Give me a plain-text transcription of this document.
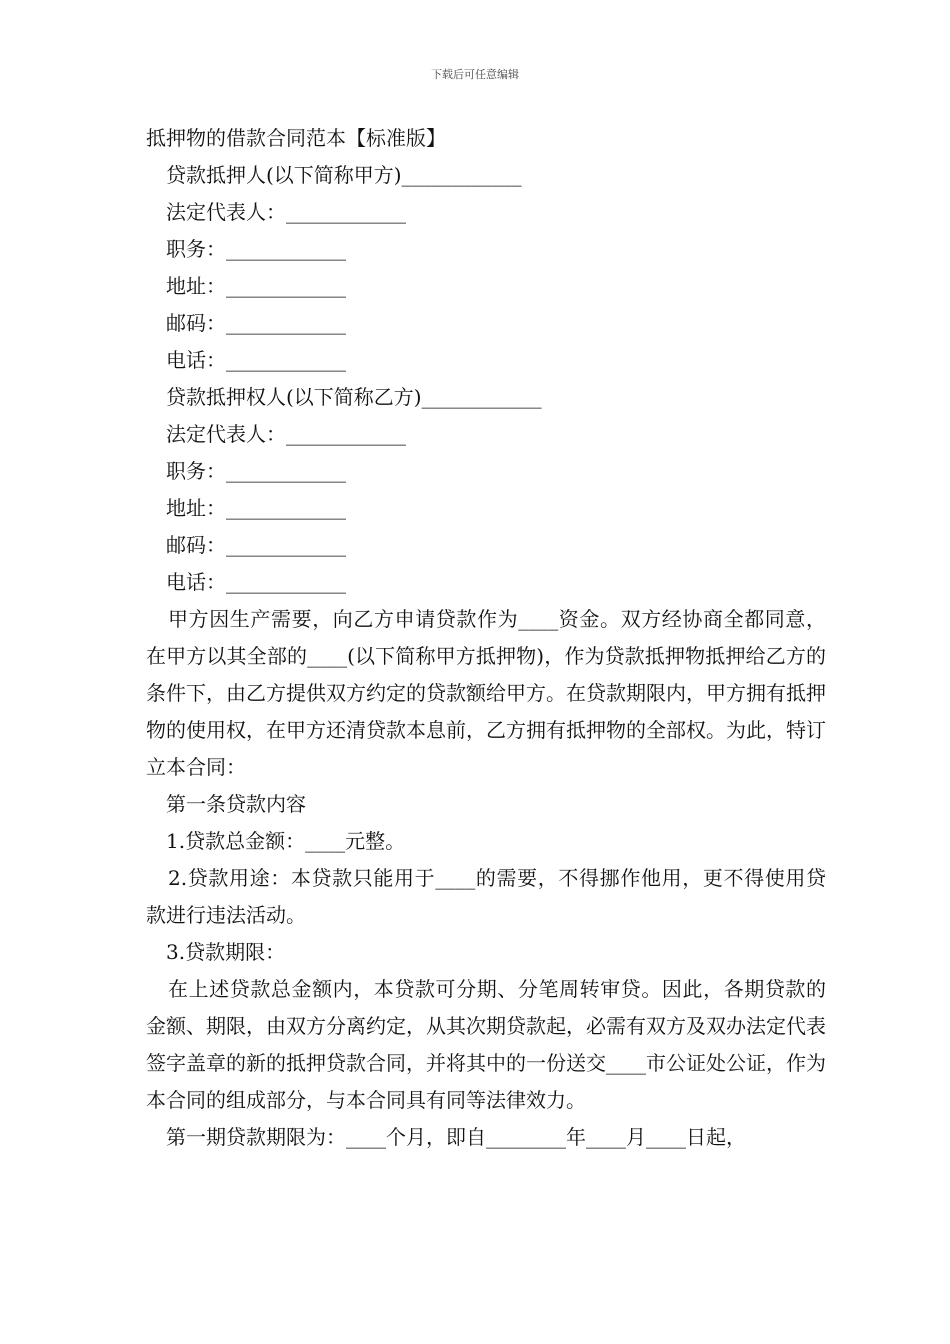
下载后可任意编辑
抵押物的借款合同范本【标准版】
贷款抵押人(以下简称甲方)____________
法定代表人：____________
职务：____________
地址：____________
邮码：____________
电话：____________
贷款抵押权人(以下简称乙方)____________
法定代表人：____________
职务：____________
地址：____________
邮码：____________
电话：____________
甲方因生产需要，向乙方申请贷款作为____资金。双方经协商全都同意，在甲方以其全部的____(以下简称甲方抵押物)，作为贷款抵押物抵押给乙方的条件下，由乙方提供双方约定的贷款额给甲方。在贷款期限内，甲方拥有抵押物的使用权，在甲方还清贷款本息前，乙方拥有抵押物的全部权。为此，特订立本合同：
第一条贷款内容
1.贷款总金额：____元整。
2.贷款用途：本贷款只能用于____的需要，不得挪作他用，更不得使用贷款进行违法活动。
3.贷款期限：
在上述贷款总金额内，本贷款可分期、分笔周转审贷。因此，各期贷款的金额、期限，由双方分离约定，从其次期贷款起，必需有双方及双办法定代表签字盖章的新的抵押贷款合同，并将其中的一份送交____市公证处公证，作为本合同的组成部分，与本合同具有同等法律效力。
第一期贷款期限为：____个月，即自________年____月____日起，
